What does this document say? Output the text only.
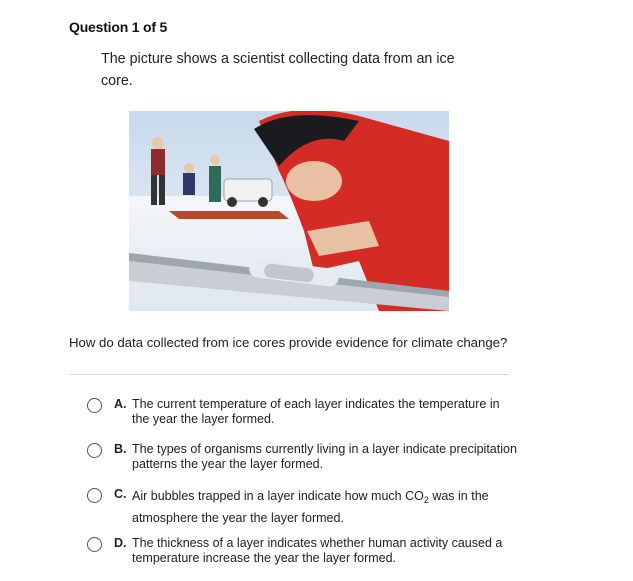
Question 1 of 5
The picture shows a scientist collecting data from an ice core.
How do data collected from ice cores provide evidence for climate change?
A. The current temperature of each layer indicates the temperature in the year the layer formed.
B. The types of organisms currently living in a layer indicate precipitation patterns the year the layer formed.
C. Air bubbles trapped in a layer indicate how much $CO_2$ was in the atmosphere the year the layer formed.
D. The thickness of a layer indicates whether human activity caused a temperature increase the year the layer formed.
